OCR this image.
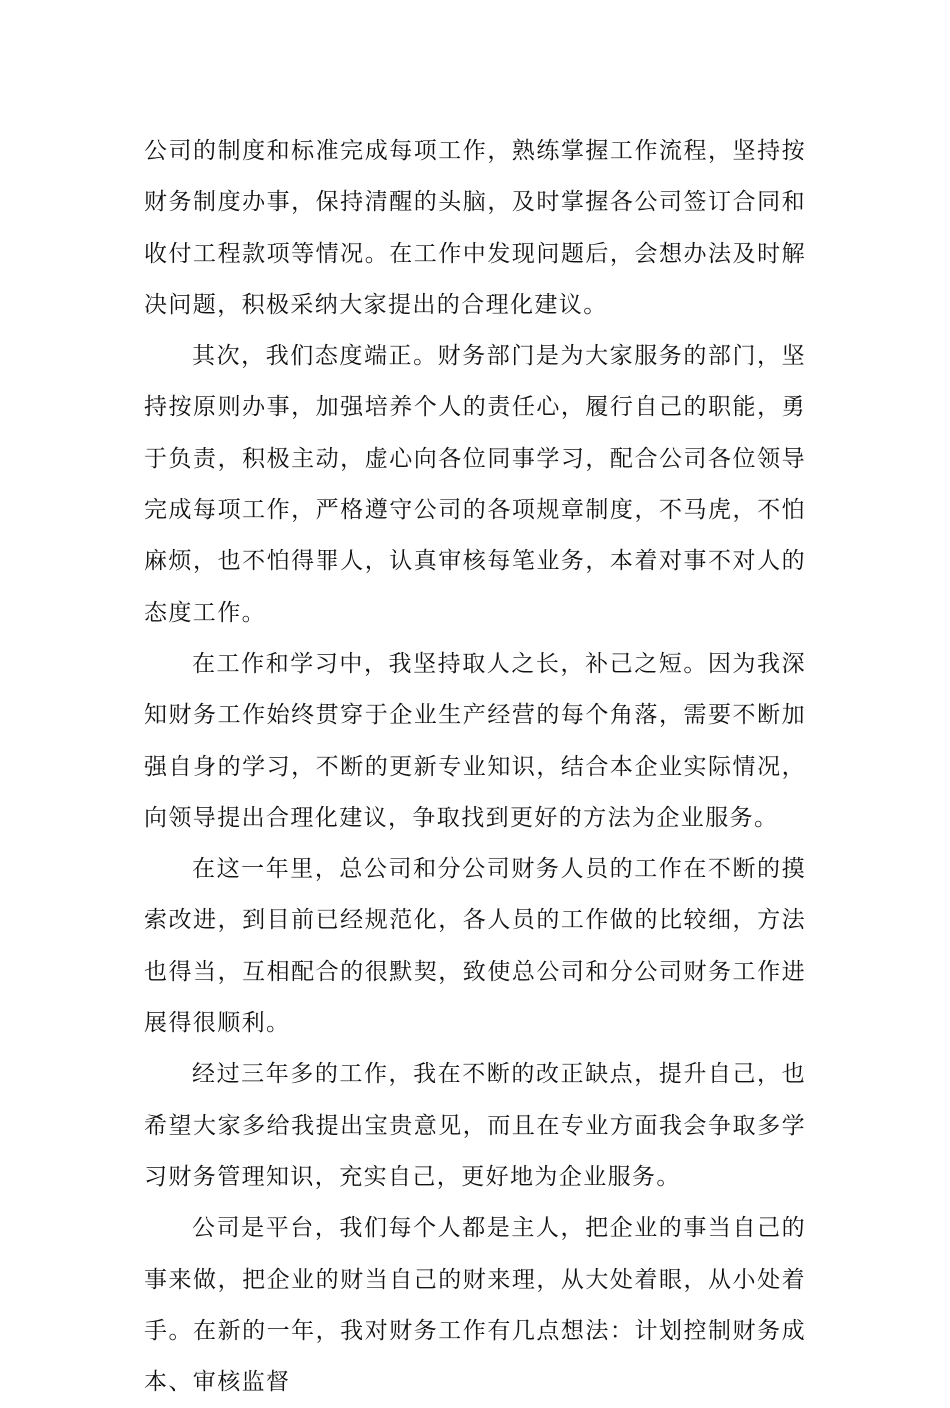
公司的制度和标准完成每项工作，熟练掌握工作流程，坚持按财务制度办事，保持清醒的头脑，及时掌握各公司签订合同和收付工程款项等情况。在工作中发现问题后，会想办法及时解决问题，积极采纳大家提出的合理化建议。

其次，我们态度端正。财务部门是为大家服务的部门，坚持按原则办事，加强培养个人的责任心，履行自己的职能，勇于负责，积极主动，虚心向各位同事学习，配合公司各位领导完成每项工作，严格遵守公司的各项规章制度，不马虎，不怕麻烦，也不怕得罪人，认真审核每笔业务，本着对事不对人的态度工作。

在工作和学习中，我坚持取人之长，补己之短。因为我深知财务工作始终贯穿于企业生产经营的每个角落，需要不断加强自身的学习，不断的更新专业知识，结合本企业实际情况，向领导提出合理化建议，争取找到更好的方法为企业服务。

在这一年里，总公司和分公司财务人员的工作在不断的摸索改进，到目前已经规范化，各人员的工作做的比较细，方法也得当，互相配合的很默契，致使总公司和分公司财务工作进展得很顺利。

经过三年多的工作，我在不断的改正缺点，提升自己，也希望大家多给我提出宝贵意见，而且在专业方面我会争取多学习财务管理知识，充实自己，更好地为企业服务。

公司是平台，我们每个人都是主人，把企业的事当自己的事来做，把企业的财当自己的财来理，从大处着眼，从小处着手。在新的一年，我对财务工作有几点想法：计划控制财务成本、审核监督
